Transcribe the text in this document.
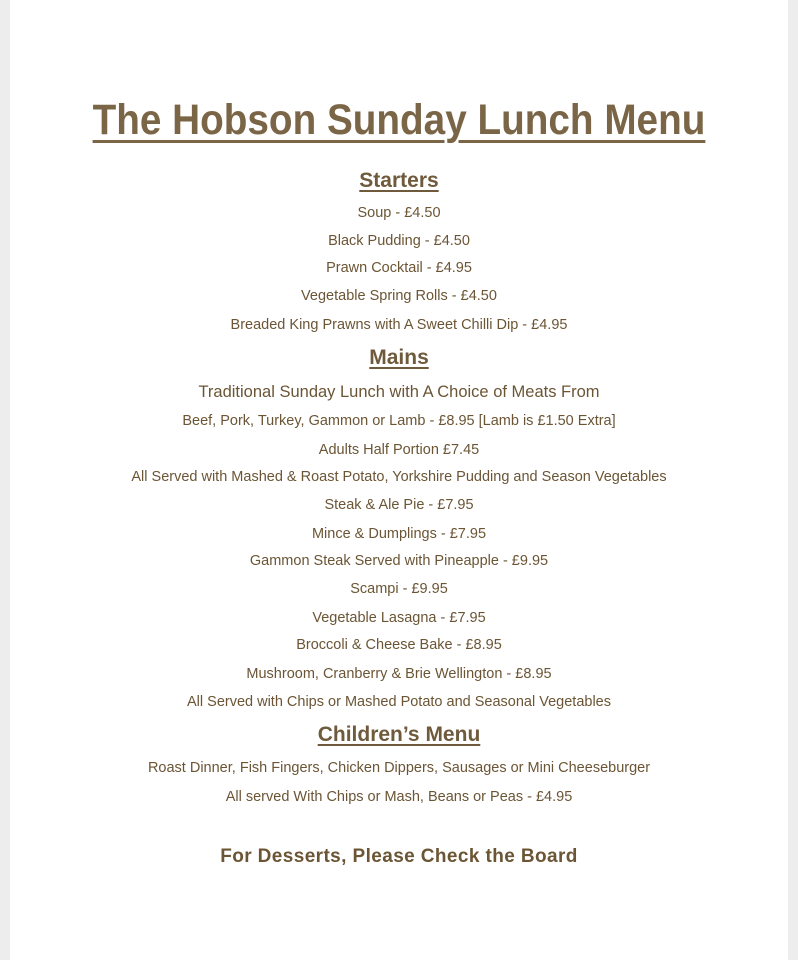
The Hobson Sunday Lunch Menu
Starters
Soup - £4.50
Black Pudding - £4.50
Prawn Cocktail - £4.95
Vegetable Spring Rolls - £4.50
Breaded King Prawns with A Sweet Chilli Dip - £4.95
Mains
Traditional Sunday Lunch with A Choice of Meats From
Beef, Pork, Turkey, Gammon or Lamb - £8.95 [Lamb is £1.50 Extra]
Adults Half Portion £7.45
All Served with Mashed & Roast Potato, Yorkshire Pudding and Season Vegetables
Steak & Ale Pie - £7.95
Mince & Dumplings - £7.95
Gammon Steak Served with Pineapple - £9.95
Scampi - £9.95
Vegetable Lasagna - £7.95
Broccoli & Cheese Bake - £8.95
Mushroom, Cranberry & Brie Wellington - £8.95
All Served with Chips or Mashed Potato and Seasonal Vegetables
Children’s Menu
Roast Dinner, Fish Fingers, Chicken Dippers, Sausages or Mini Cheeseburger
All served With Chips or Mash, Beans or Peas - £4.95
For Desserts, Please Check the Board
